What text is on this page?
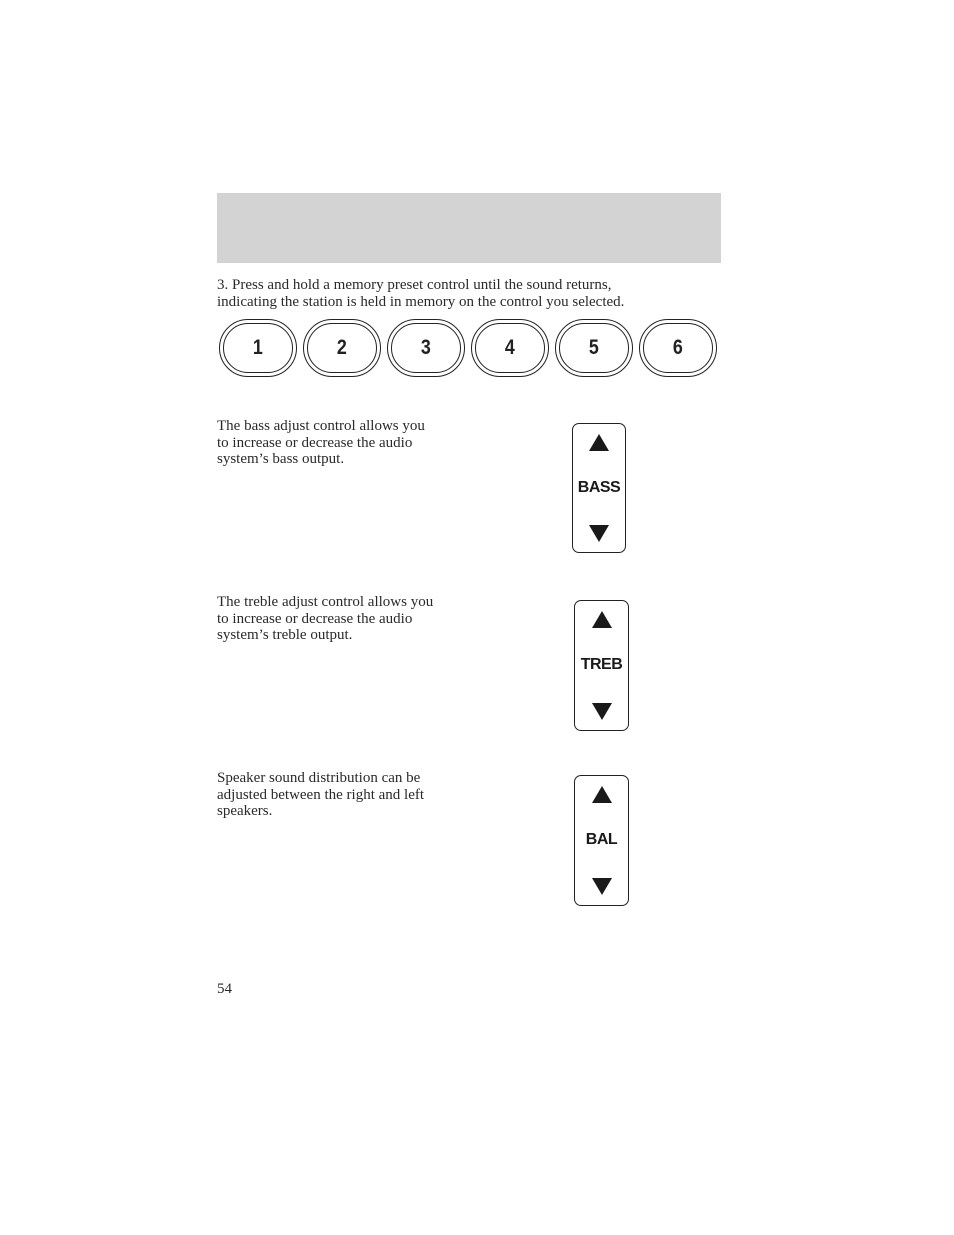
3. Press and hold a memory preset control until the sound returns,
indicating the station is held in memory on the control you selected.
1	2	3	4	5	6
The bass adjust control allows you
to increase or decrease the audio
system’s bass output.
BASS
The treble adjust control allows you
to increase or decrease the audio
system’s treble output.
TREB
Speaker sound distribution can be
adjusted between the right and left
speakers.
BAL
54
